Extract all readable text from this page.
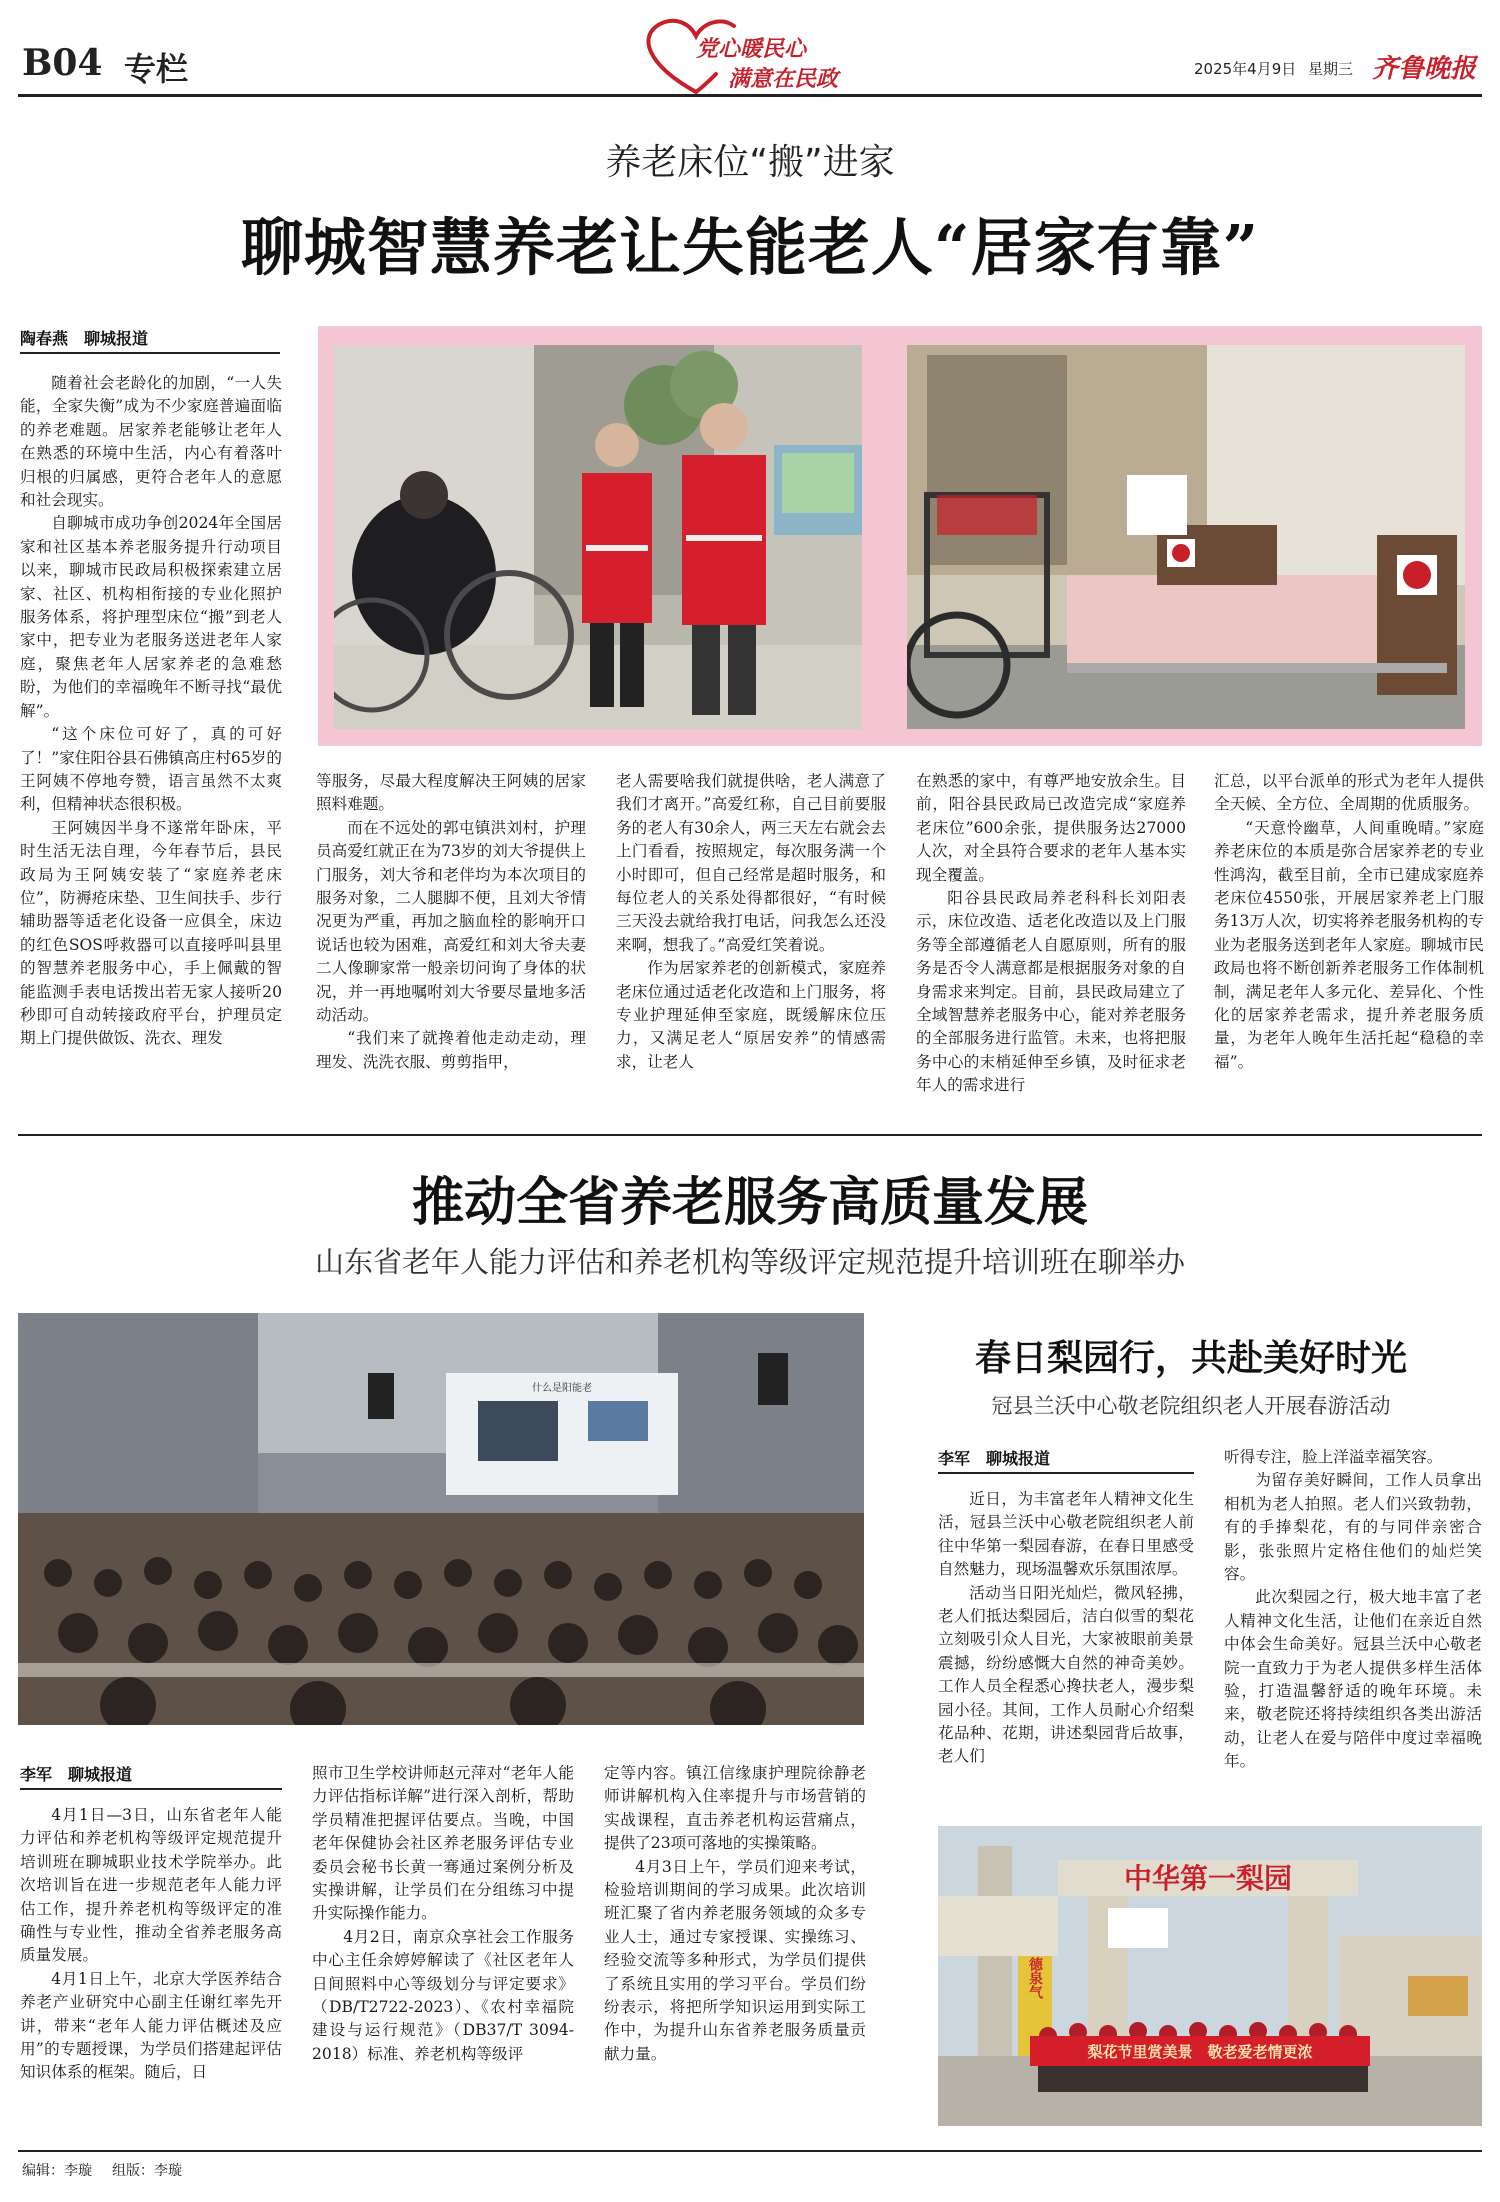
B04 专栏
党心暖民心
满意在民政	2025年4月9日 星期三 齐鲁晚报
养老床位“搬”进家
聊城智慧养老让失能老人“居家有靠”
陶春燕　聊城报道

随着社会老龄化的加剧，“一人失能，全家失衡”成为不少家庭普遍面临的养老难题。居家养老能够让老年人在熟悉的环境中生活，内心有着落叶归根的归属感，更符合老年人的意愿和社会现实。

自聊城市成功争创2024年全国居家和社区基本养老服务提升行动项目以来，聊城市民政局积极探索建立居家、社区、机构相衔接的专业化照护服务体系，将护理型床位“搬”到老人家中，把专业为老服务送进老年人家庭，聚焦老年人居家养老的急难愁盼，为他们的幸福晚年不断寻找“最优解”。

“这个床位可好了，真的可好了！”家住阳谷县石佛镇高庄村65岁的王阿姨不停地夸赞，语言虽然不太爽利，但精神状态很积极。

王阿姨因半身不遂常年卧床，平时生活无法自理，今年春节后，县民政局为王阿姨安装了“家庭养老床位”，防褥疮床垫、卫生间扶手、步行辅助器等适老化设备一应俱全，床边的红色SOS呼救器可以直接呼叫县里的智慧养老服务中心，手上佩戴的智能监测手表电话拨出若无家人接听20秒即可自动转接政府平台，护理员定期上门提供做饭、洗衣、理发

等服务，尽最大程度解决王阿姨的居家照料难题。

而在不远处的郭屯镇洪刘村，护理员高爱红就正在为73岁的刘大爷提供上门服务，刘大爷和老伴均为本次项目的服务对象，二人腿脚不便，且刘大爷情况更为严重，再加之脑血栓的影响开口说话也较为困难，高爱红和刘大爷夫妻二人像聊家常一般亲切问询了身体的状况，并一再地嘱咐刘大爷要尽量地多活动活动。

“我们来了就搀着他走动走动，理理发、洗洗衣服、剪剪指甲，

老人需要啥我们就提供啥，老人满意了我们才离开。”高爱红称，自己目前要服务的老人有30余人，两三天左右就会去上门看看，按照规定，每次服务满一个小时即可，但自己经常是超时服务，和每位老人的关系处得都很好，“有时候三天没去就给我打电话，问我怎么还没来啊，想我了。”高爱红笑着说。

作为居家养老的创新模式，家庭养老床位通过适老化改造和上门服务，将专业护理延伸至家庭，既缓解床位压力，又满足老人“原居安养”的情感需求，让老人

在熟悉的家中，有尊严地安放余生。目前，阳谷县民政局已改造完成“家庭养老床位”600余张，提供服务达27000人次，对全县符合要求的老年人基本实现全覆盖。

阳谷县民政局养老科科长刘阳表示，床位改造、适老化改造以及上门服务等全部遵循老人自愿原则，所有的服务是否令人满意都是根据服务对象的自身需求来判定。目前，县民政局建立了全域智慧养老服务中心，能对养老服务的全部服务进行监管。未来，也将把服务中心的末梢延伸至乡镇，及时征求老年人的需求进行

汇总，以平台派单的形式为老年人提供全天候、全方位、全周期的优质服务。

“天意怜幽草，人间重晚晴。”家庭养老床位的本质是弥合居家养老的专业性鸿沟，截至目前，全市已建成家庭养老床位4550张，开展居家养老上门服务13万人次，切实将养老服务机构的专业为老服务送到老年人家庭。聊城市民政局也将不断创新养老服务工作体制机制，满足老年人多元化、差异化、个性化的居家养老需求，提升养老服务质量，为老年人晚年生活托起“稳稳的幸福”。

推动全省养老服务高质量发展
山东省老年人能力评估和养老机构等级评定规范提升培训班在聊举办
什么是阳能老
李军　聊城报道

4月1日—3日，山东省老年人能力评估和养老机构等级评定规范提升培训班在聊城职业技术学院举办。此次培训旨在进一步规范老年人能力评估工作，提升养老机构等级评定的准确性与专业性，推动全省养老服务高质量发展。

4月1日上午，北京大学医养结合养老产业研究中心副主任谢红率先开讲，带来“老年人能力评估概述及应用”的专题授课，为学员们搭建起评估知识体系的框架。随后，日

照市卫生学校讲师赵元萍对“老年人能力评估指标详解”进行深入剖析，帮助学员精准把握评估要点。当晚，中国老年保健协会社区养老服务评估专业委员会秘书长黄一骞通过案例分析及实操讲解，让学员们在分组练习中提升实际操作能力。

4月2日，南京众享社会工作服务中心主任余婷婷解读了《社区老年人日间照料中心等级划分与评定要求》（DB/T2722-2023）、《农村幸福院建设与运行规范》（DB37/T 3094-2018）标准、养老机构等级评

定等内容。镇江信缘康护理院徐静老师讲解机构入住率提升与市场营销的实战课程，直击养老机构运营痛点，提供了23项可落地的实操策略。

4月3日上午，学员们迎来考试，检验培训期间的学习成果。此次培训班汇聚了省内养老服务领域的众多专业人士，通过专家授课、实操练习、经验交流等多种形式，为学员们提供了系统且实用的学习平台。学员们纷纷表示，将把所学知识运用到实际工作中，为提升山东省养老服务质量贡献力量。

春日梨园行，共赴美好时光
冠县兰沃中心敬老院组织老人开展春游活动
李军　聊城报道

近日，为丰富老年人精神文化生活，冠县兰沃中心敬老院组织老人前往中华第一梨园春游，在春日里感受自然魅力，现场温馨欢乐氛围浓厚。

活动当日阳光灿烂，微风轻拂，老人们抵达梨园后，洁白似雪的梨花立刻吸引众人目光，大家被眼前美景震撼，纷纷感慨大自然的神奇美妙。工作人员全程悉心搀扶老人，漫步梨园小径。其间，工作人员耐心介绍梨花品种、花期，讲述梨园背后故事，老人们

听得专注，脸上洋溢幸福笑容。

为留存美好瞬间，工作人员拿出相机为老人拍照。老人们兴致勃勃，有的手捧梨花，有的与同伴亲密合影，张张照片定格住他们的灿烂笑容。

此次梨园之行，极大地丰富了老人精神文化生活，让他们在亲近自然中体会生命美好。冠县兰沃中心敬老院一直致力于为老人提供多样生活体验，打造温馨舒适的晚年环境。未来，敬老院还将持续组织各类出游活动，让老人在爱与陪伴中度过幸福晚年。

中华第一梨园
德泉气
梨花节里赏美景　敬老爱老情更浓
编辑：李璇 组版：李璇
